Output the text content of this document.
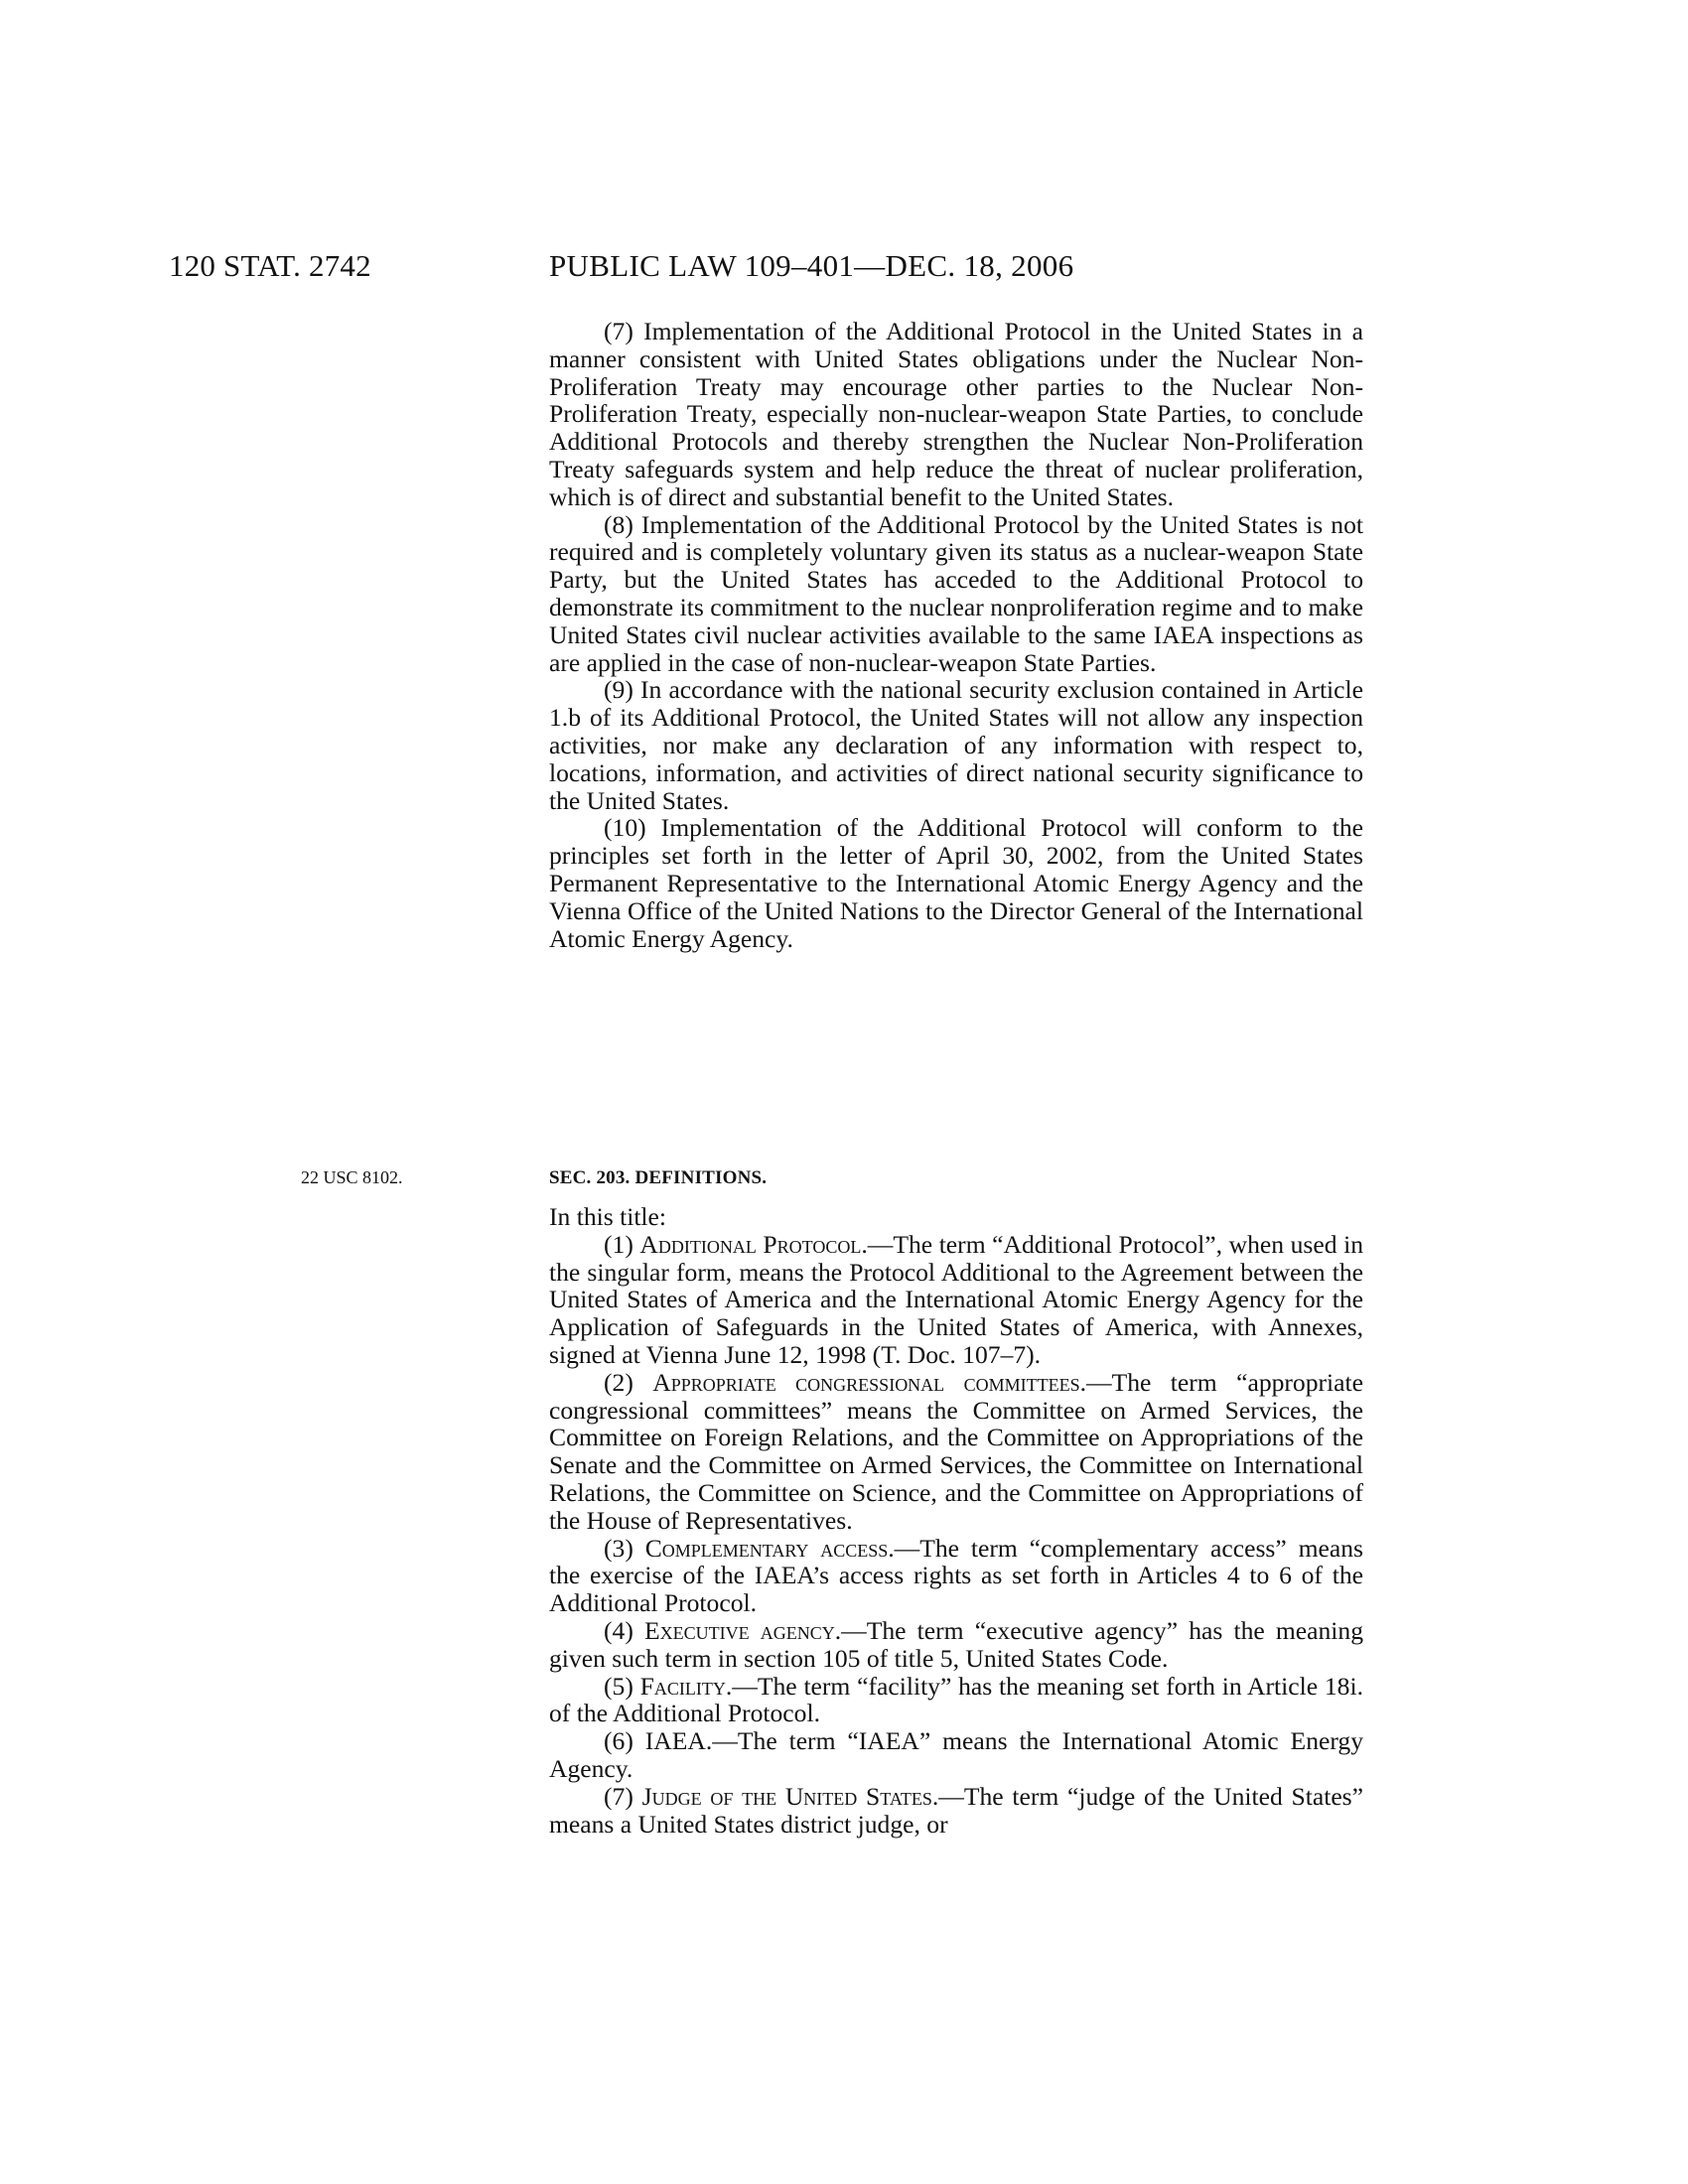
120 STAT. 2742	PUBLIC LAW 109–401—DEC. 18, 2006

(7) Implementation of the Additional Protocol in the United States in a manner consistent with United States obligations under the Nuclear Non-Proliferation Treaty may encourage other parties to the Nuclear Non-Proliferation Treaty, especially non-nuclear-weapon State Parties, to conclude Additional Protocols and thereby strengthen the Nuclear Non-Proliferation Treaty safeguards system and help reduce the threat of nuclear proliferation, which is of direct and substantial benefit to the United States.

(8) Implementation of the Additional Protocol by the United States is not required and is completely voluntary given its status as a nuclear-weapon State Party, but the United States has acceded to the Additional Protocol to demonstrate its commitment to the nuclear nonproliferation regime and to make United States civil nuclear activities available to the same IAEA inspections as are applied in the case of non-nuclear-weapon State Parties.

(9) In accordance with the national security exclusion contained in Article 1.b of its Additional Protocol, the United States will not allow any inspection activities, nor make any declaration of any information with respect to, locations, information, and activities of direct national security significance to the United States.

(10) Implementation of the Additional Protocol will conform to the principles set forth in the letter of April 30, 2002, from the United States Permanent Representative to the International Atomic Energy Agency and the Vienna Office of the United Nations to the Director General of the International Atomic Energy Agency.

22 USC 8102.	SEC. 203. DEFINITIONS.

In this title:

(1) Additional Protocol.—The term “Additional Protocol”, when used in the singular form, means the Protocol Additional to the Agreement between the United States of America and the International Atomic Energy Agency for the Application of Safeguards in the United States of America, with Annexes, signed at Vienna June 12, 1998 (T. Doc. 107–7).

(2) Appropriate congressional committees.—The term “appropriate congressional committees” means the Committee on Armed Services, the Committee on Foreign Relations, and the Committee on Appropriations of the Senate and the Committee on Armed Services, the Committee on International Relations, the Committee on Science, and the Committee on Appropriations of the House of Representatives.

(3) Complementary access.—The term “complementary access” means the exercise of the IAEA’s access rights as set forth in Articles 4 to 6 of the Additional Protocol.

(4) Executive agency.—The term “executive agency” has the meaning given such term in section 105 of title 5, United States Code.

(5) Facility.—The term “facility” has the meaning set forth in Article 18i. of the Additional Protocol.

(6) IAEA.—The term “IAEA” means the International Atomic Energy Agency.

(7) Judge of the United States.—The term “judge of the United States” means a United States district judge, or
